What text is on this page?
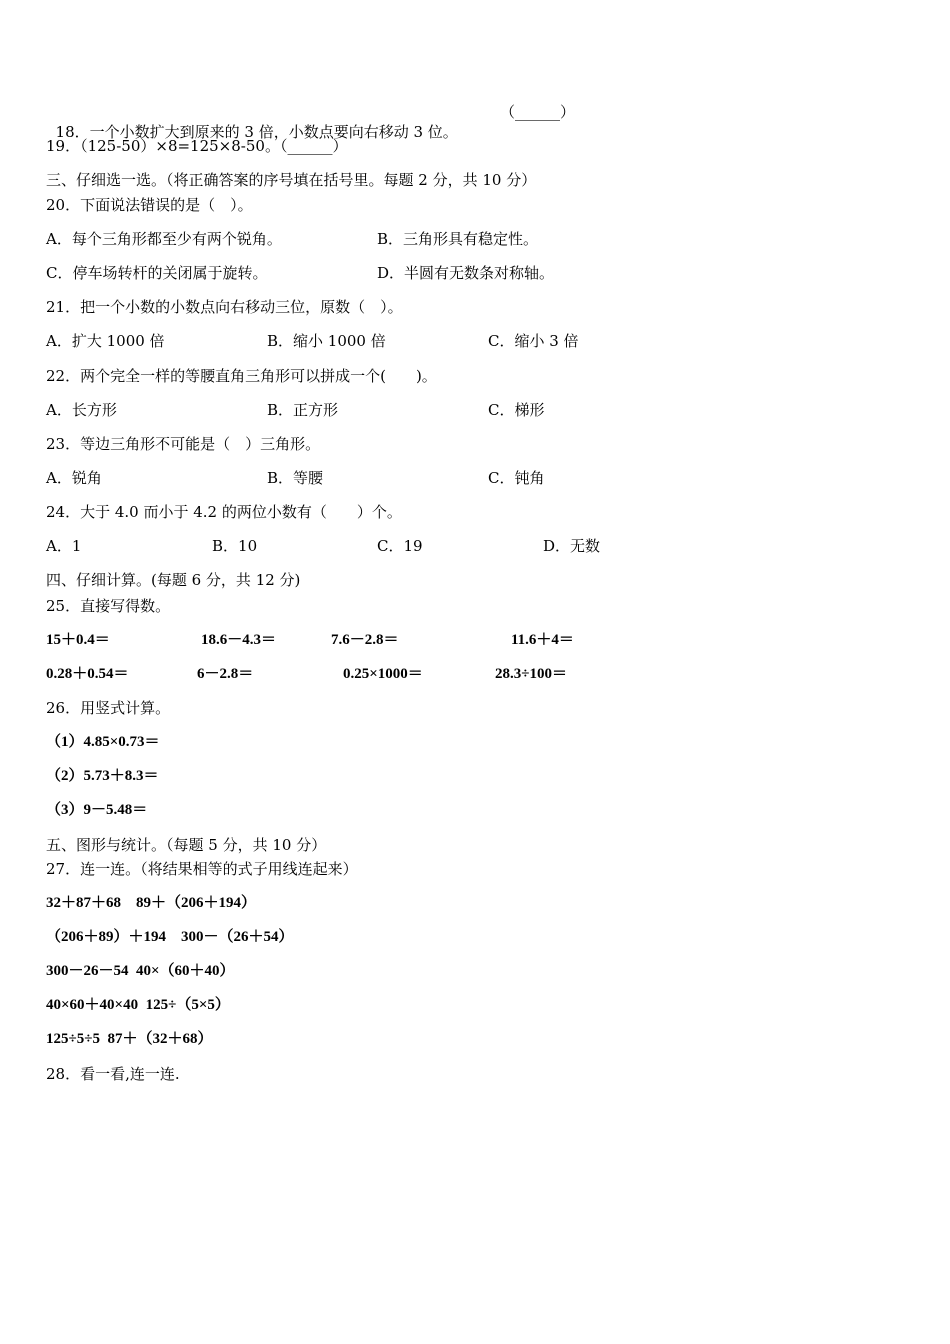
18．一个小数扩大到原来的 3 倍，小数点要向右移动 3 位。

（______）
19．（125-50）×8=125×8-50。（______）
三、仔细选一选。（将正确答案的序号填在括号里。每题 2 分，共 10 分）
20．下面说法错误的是（　）。
A．每个三角形都至少有两个锐角。	B．三角形具有稳定性。
C．停车场转杆的关闭属于旋转。	D．半圆有无数条对称轴。
21．把一个小数的小数点向右移动三位，原数（　）。
A．扩大 1000 倍	B．缩小 1000 倍	C．缩小 3 倍
22．两个完全一样的等腰直角三角形可以拼成一个(　　)。
A．长方形	B．正方形	C．梯形
23．等边三角形不可能是（　）三角形。
A．锐角	B．等腰	C．钝角
24．大于 4.0 而小于 4.2 的两位小数有（　　）个。
A．1	B．10	C．19	D．无数
四、仔细计算。(每题 6 分，共 12 分)
25．直接写得数。
15＋0.4＝	18.6－4.3＝	7.6－2.8＝	11.6＋4＝
0.28＋0.54＝	6－2.8＝	0.25×1000＝	28.3÷100＝
26．用竖式计算。
（1）4.85×0.73＝
（2）5.73＋8.3＝
（3）9－5.48＝
五、图形与统计。（每题 5 分，共 10 分）
27．连一连。（将结果相等的式子用线连起来）
32＋87＋68　89＋（206＋194）
（206＋89）＋194　300－（26＋54）
300－26－54  40×（60＋40）
40×60＋40×40  125÷（5×5）
125÷5÷5  87＋（32＋68）
28．看一看,连一连.
